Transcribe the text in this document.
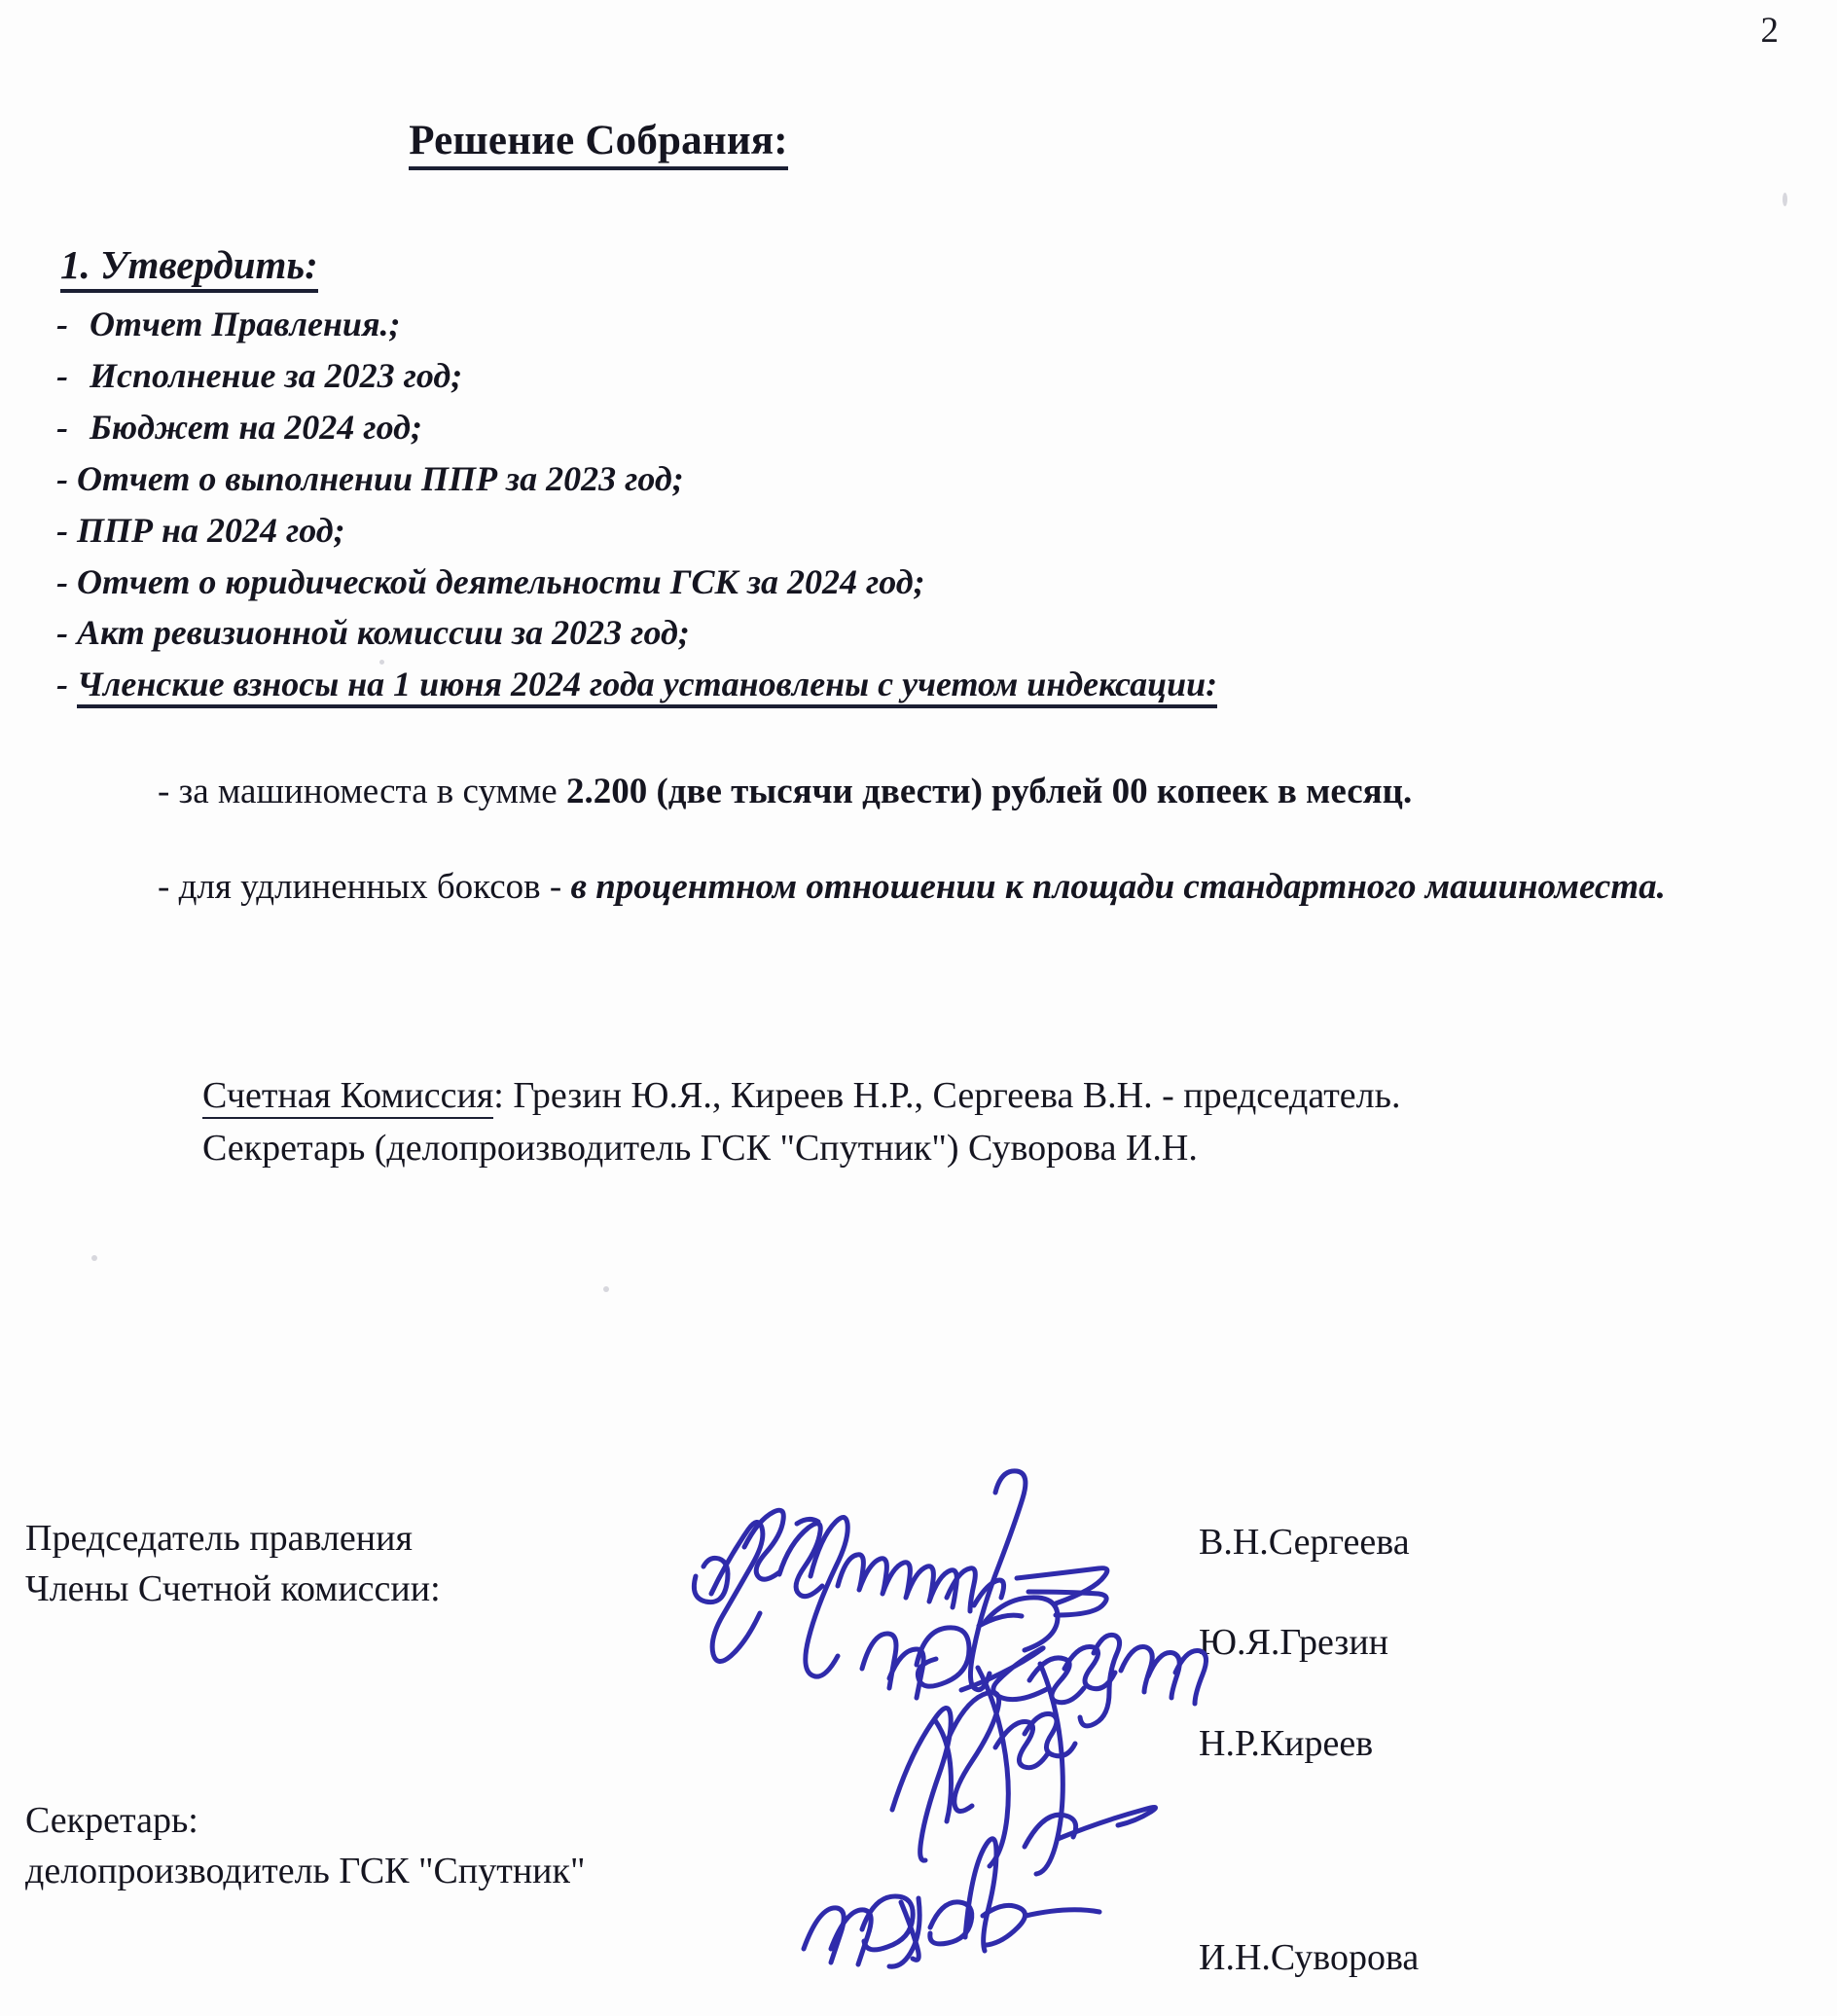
2
Решение Собрания:
1. Утвердить:
- Отчет Правления.;
- Исполнение за 2023 год;
- Бюджет на 2024 год;
- Отчет о выполнении ППР за 2023 год;
- ППР на 2024 год;
- Отчет о юридической деятельности ГСК за 2024 год;
- Акт ревизионной комиссии за 2023 год;
- Членские взносы на 1 июня 2024 года установлены с учетом индексации:
- за машиноместа в сумме 2.200 (две тысячи двести) рублей 00 копеек в месяц.
- для удлиненных боксов - в процентном отношении к площади стандартного машиноместа.
Счетная Комиссия: Грезин Ю.Я., Киреев Н.Р., Сергеева В.Н. - председатель.
Секретарь (делопроизводитель ГСК "Спутник") Суворова И.Н.
Председатель правления
Члены Счетной комиссии:
Секретарь:
делопроизводитель ГСК "Спутник"
В.Н.Сергеева
Ю.Я.Грезин
Н.Р.Киреев
И.Н.Суворова
